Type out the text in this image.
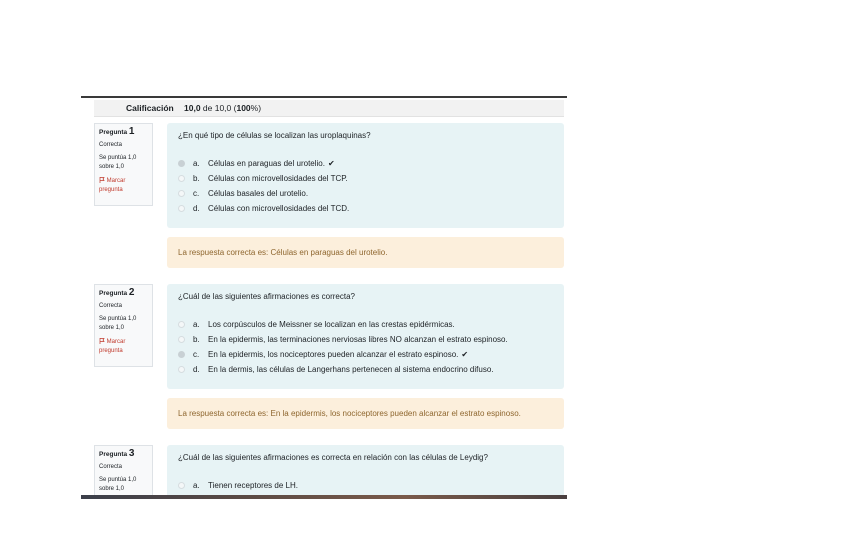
Calificación 10,0 de 10,0 (100%)
Pregunta 1
Correcta
Se puntúa 1,0
sobre 1,0
Marcar
pregunta
¿En qué tipo de células se localizan las uroplaquinas?
a. Células en paraguas del urotelio. ✔
b. Células con microvellosidades del TCP.
c. Células basales del urotelio.
d. Células con microvellosidades del TCD.
La respuesta correcta es: Células en paraguas del urotelio.
Pregunta 2
Correcta
Se puntúa 1,0
sobre 1,0
Marcar
pregunta
¿Cuál de las siguientes afirmaciones es correcta?
a. Los corpúsculos de Meissner se localizan en las crestas epidérmicas.
b. En la epidermis, las terminaciones nerviosas libres NO alcanzan el estrato espinoso.
c. En la epidermis, los nociceptores pueden alcanzar el estrato espinoso. ✔
d. En la dermis, las células de Langerhans pertenecen al sistema endocrino difuso.
La respuesta correcta es: En la epidermis, los nociceptores pueden alcanzar el estrato espinoso.
Pregunta 3
Correcta
Se puntúa 1,0
sobre 1,0
¿Cuál de las siguientes afirmaciones es correcta en relación con las células de Leydig?
a. Tienen receptores de LH.
